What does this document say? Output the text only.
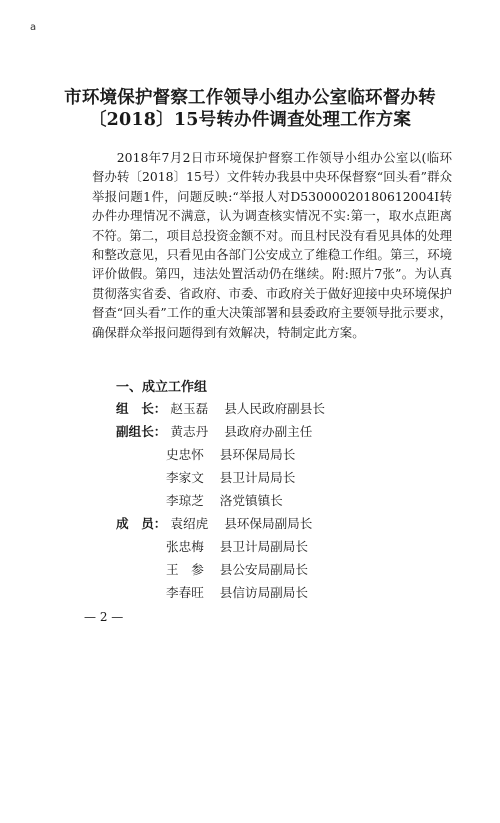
a
市环境保护督察工作领导小组办公室临环督办转
〔2018〕15号转办件调查处理工作方案

2018年7月2日市环境保护督察工作领导小组办公室以(临环督办转〔2018〕15号）文件转办我县中央环保督察“回头看”群众举报问题1件，问题反映:“举报人对D53000020180612004I转办件办理情况不满意，认为调查核实情况不实:第一，取水点距离不符。第二，项目总投资金额不对。而且村民没有看见具体的处理和整改意见，只看见由各部门公安成立了维稳工作组。第三，环境评价做假。第四，违法处置活动仍在继续。附:照片7张”。为认真贯彻落实省委、省政府、市委、市政府关于做好迎接中央环境保护督查“回头看”工作的重大决策部署和县委政府主要领导批示要求，确保群众举报问题得到有效解决，特制定此方案。

一、成立工作组
组　长： 赵玉磊 县人民政府副县长
副组长： 黄志丹 县政府办副主任
史忠怀 县环保局局长
李家文 县卫计局局长
李琼芝 洛党镇镇长
成　员： 袁绍虎 县环保局副局长
张忠梅 县卫计局副局长
王　参 县公安局副局长
李春旺 县信访局副局长
— 2 —
